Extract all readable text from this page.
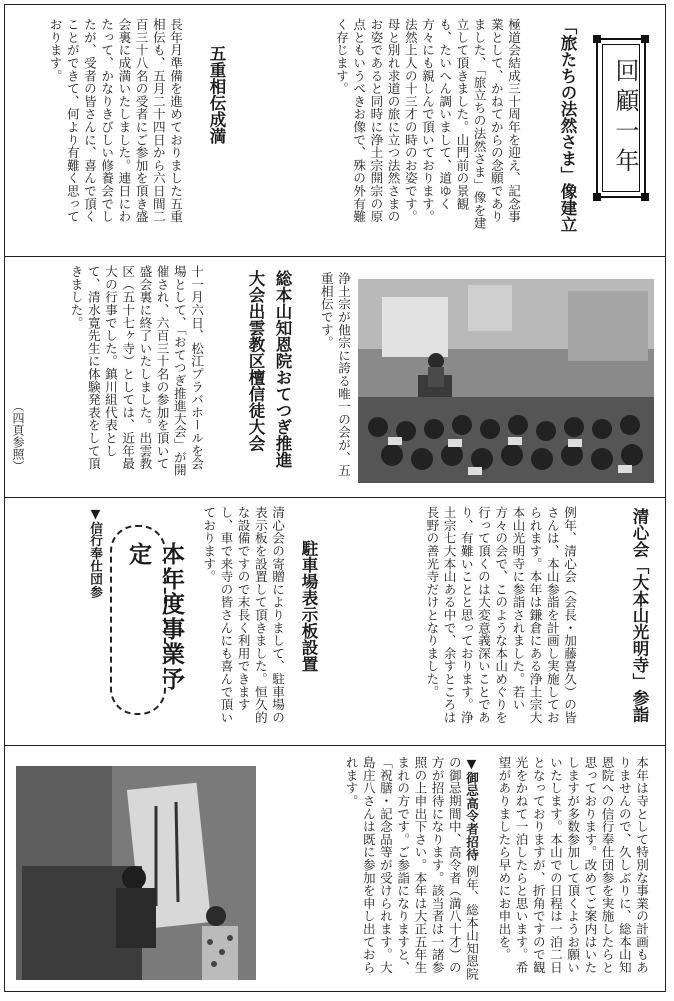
回顧一年
「旅たちの法然さま」像建立
極道会結成三十周年を迎え、記念事業として、かねてからの念願でありました、「旅立ちの法然さま」像を建立して頂きました。山門前の景観も、たいへん調いまして、道ゆく方々にも親しんで頂いております。法然上人の十三才の時のお姿です。母と別れ求道の旅に立つ法然さまのお姿であると同時に浄土宗開宗の原点ともいうべきお像で、殊の外有難く存じます。
五重相伝成満
長年月準備を進めておりました五重相伝も、五月二十四日から六日間二百三十八名の受者にご参加を頂き盛会裏に成満いたしました。連日にわたって、かなりきびしい修養会でしたが、受者の皆さんに、喜んで頂くことができて、何より有難く思っております。
浄土宗が他宗に誇る唯一の会が、五重相伝です。
総本山知恩院おてつぎ推進大会出雲教区檀信徒大会
十一月六日、松江プラバホールを会場として、「おてつぎ推進大会」が開催され、六百三十名の参加を頂いて盛会裏に終了いたしました。出雲教区（五十七ヶ寺）としては、近年最大の行事でした。鎮川組代表として、清水寛先生に体験発表をして頂きました。
（四頁参照）
清心会「大本山光明寺」参詣
例年、清心会（会長・加藤喜久）の皆さんは、本山参詣を計画し実施しておられます。本年は鎌倉にある浄土宗大本山光明寺に参詣されました。若い方々の会で、このような本山めぐりを行って頂くのは大変意義深いことであり、有難いことと思っております。浄土宗七大本山ある中で、余すところは長野の善光寺だけとなりました。
駐車場表示板設置
清心会の寄贈によりまして、駐車場の表示板を設置して頂きました。恒久的な設備ですので末長く利用できますし、車で来寺の皆さんにも喜んで頂いております。
本年度事業予定
▼信行奉仕団参
本年は寺として特別な事業の計画もありませんので、久しぶりに、総本山知恩院への信行奉仕団参を実施したらと思っております。改めてご案内はいたしますが多数参加して頂くようお願いいたします。本山での日程は一泊二日となっておりますが、折角ですので観光をかねて一泊したらと思います。希望がありましたら早めにお申出を。
▼御忌高令者招待 例年、総本山知恩院の御忌期間中、高令者（満八十才）の方が招待になります。該当者は一諸参照の上申出下さい。本年は大正五年生まれの方です。ご参詣になりますと、「祝膳・記念品等が受けられます。大島庄八さんは既に参加を申し出ておられます。
